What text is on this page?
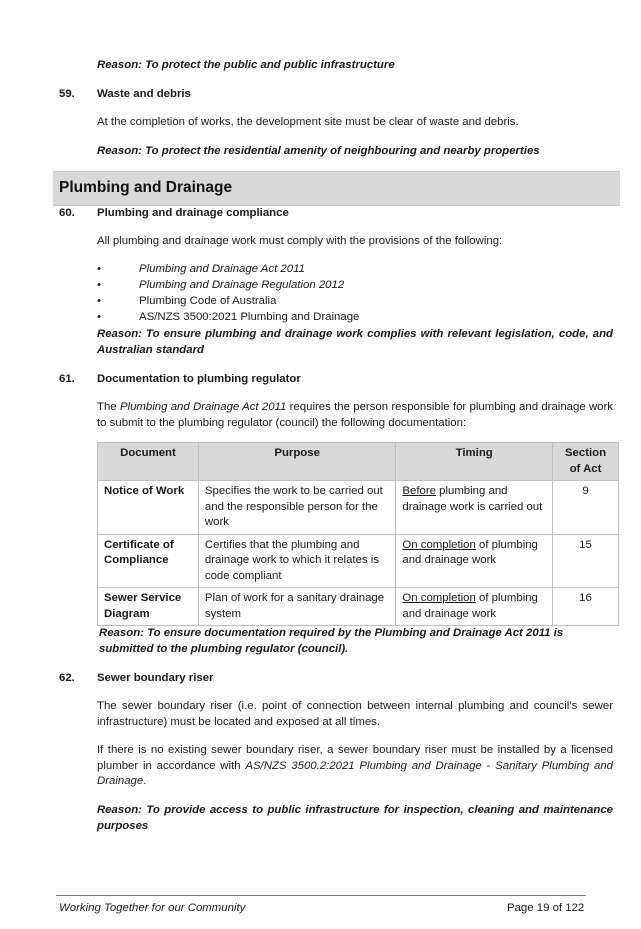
Reason: To protect the public and public infrastructure
59. Waste and debris
At the completion of works, the development site must be clear of waste and debris.
Reason: To protect the residential amenity of neighbouring and nearby properties
Plumbing and Drainage
60. Plumbing and drainage compliance
All plumbing and drainage work must comply with the provisions of the following:
•	Plumbing and Drainage Act 2011
•	Plumbing and Drainage Regulation 2012
•	Plumbing Code of Australia
•	AS/NZS 3500:2021 Plumbing and Drainage
Reason: To ensure plumbing and drainage work complies with relevant legislation, code, and Australian standard
61. Documentation to plumbing regulator
The Plumbing and Drainage Act 2011 requires the person responsible for plumbing and drainage work to submit to the plumbing regulator (council) the following documentation:
Document	Purpose	Timing	Section of Act
Notice of Work	Specifies the work to be carried out and the responsible person for the work	Before plumbing and drainage work is carried out	9
Certificate of Compliance	Certifies that the plumbing and drainage work to which it relates is code compliant	On completion of plumbing and drainage work	15
Sewer Service Diagram	Plan of work for a sanitary drainage system	On completion of plumbing and drainage work	16
Reason: To ensure documentation required by the Plumbing and Drainage Act 2011 is submitted to the plumbing regulator (council).
62. Sewer boundary riser
The sewer boundary riser (i.e. point of connection between internal plumbing and council’s sewer infrastructure) must be located and exposed at all times.
If there is no existing sewer boundary riser, a sewer boundary riser must be installed by a licensed plumber in accordance with AS/NZS 3500.2:2021 Plumbing and Drainage - Sanitary Plumbing and Drainage.
Reason: To provide access to public infrastructure for inspection, cleaning and maintenance purposes
Working Together for our Community	Page 19 of 122
